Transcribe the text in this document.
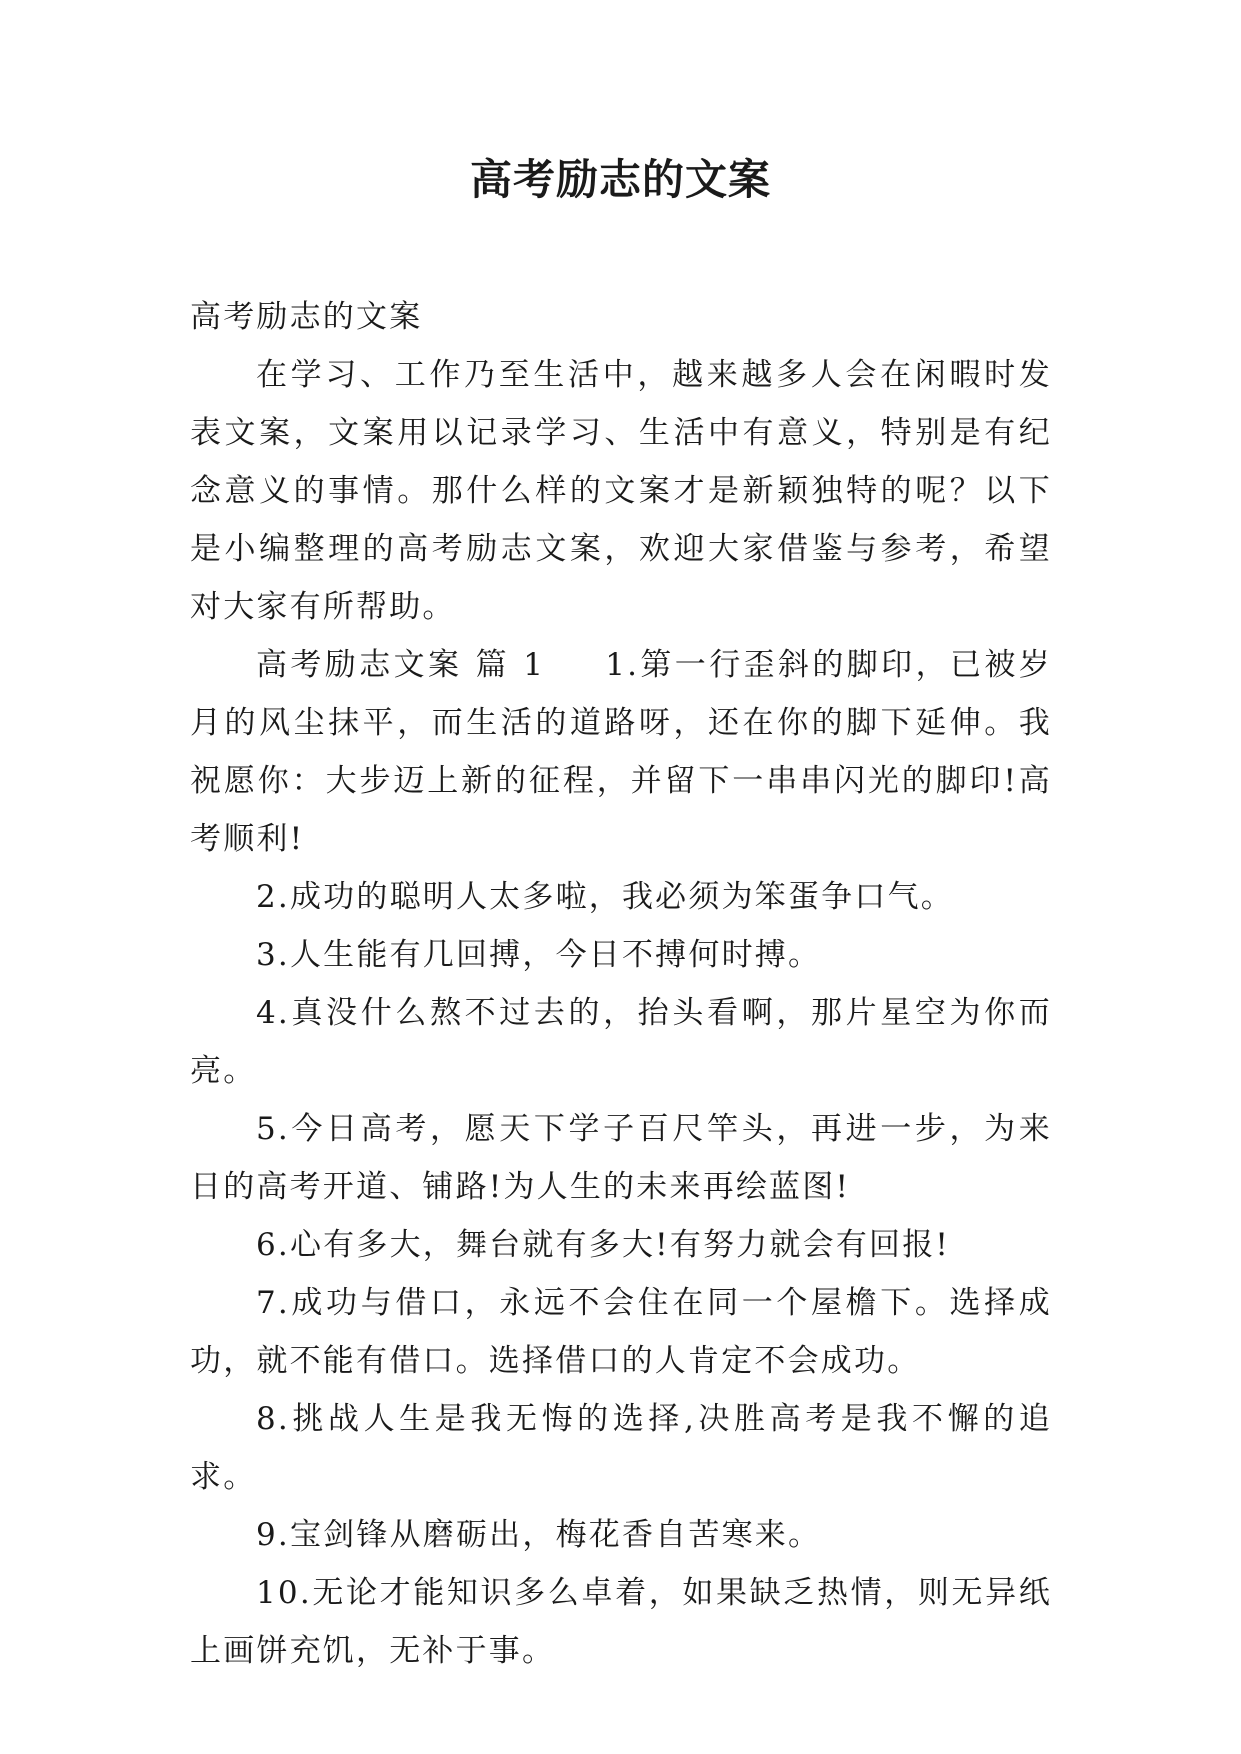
高考励志的文案

高考励志的文案

在学习、工作乃至生活中，越来越多人会在闲暇时发表文案，文案用以记录学习、生活中有意义，特别是有纪念意义的事情。那什么样的文案才是新颖独特的呢？以下是小编整理的高考励志文案，欢迎大家借鉴与参考，希望对大家有所帮助。

高考励志文案 篇 1 1.第一行歪斜的脚印，已被岁月的风尘抹平，而生活的道路呀，还在你的脚下延伸。我祝愿你：大步迈上新的征程，并留下一串串闪光的脚印!高考顺利!

2.成功的聪明人太多啦，我必须为笨蛋争口气。

3.人生能有几回搏，今日不搏何时搏。

4.真没什么熬不过去的，抬头看啊，那片星空为你而亮。

5.今日高考，愿天下学子百尺竿头，再进一步，为来日的高考开道、铺路!为人生的未来再绘蓝图!

6.心有多大，舞台就有多大!有努力就会有回报!

7.成功与借口，永远不会住在同一个屋檐下。选择成功，就不能有借口。选择借口的人肯定不会成功。

8.挑战人生是我无悔的选择,决胜高考是我不懈的追求。

9.宝剑锋从磨砺出，梅花香自苦寒来。

10.无论才能知识多么卓着，如果缺乏热情，则无异纸上画饼充饥，无补于事。
